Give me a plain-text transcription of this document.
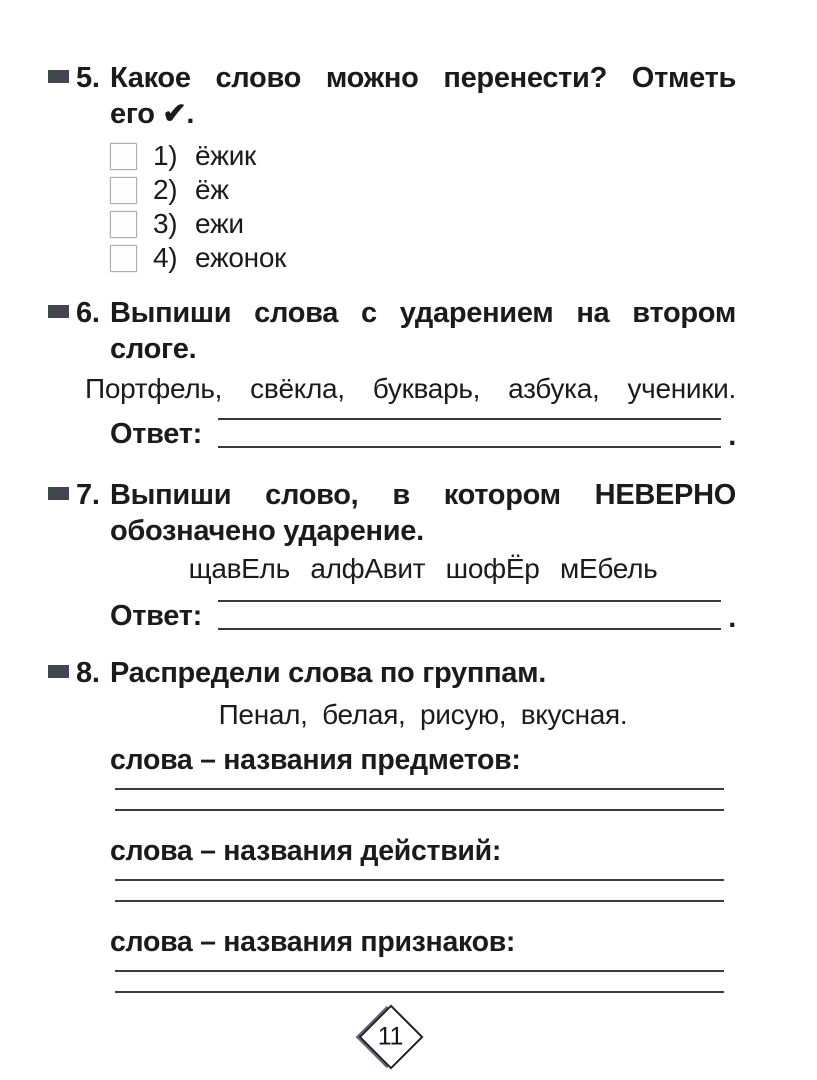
5. Какое слово можно перенести? Отметь
его ✔.
1) ёжик
2) ёж
3) ежи
4) ежонок
6. Выпиши слова с ударением на втором
слоге.
Портфель, свёкла, букварь, азбука, ученики.
Ответ:	.
7. Выпиши слово, в котором НЕВЕРНО
обозначено ударение.
щавЕль алфАвит шофЁр мЕбель
Ответ:	.
8. Распредели слова по группам.
Пенал, белая, рисую, вкусная.
слова – названия предметов:
слова – названия действий:
слова – названия признаков:
11
